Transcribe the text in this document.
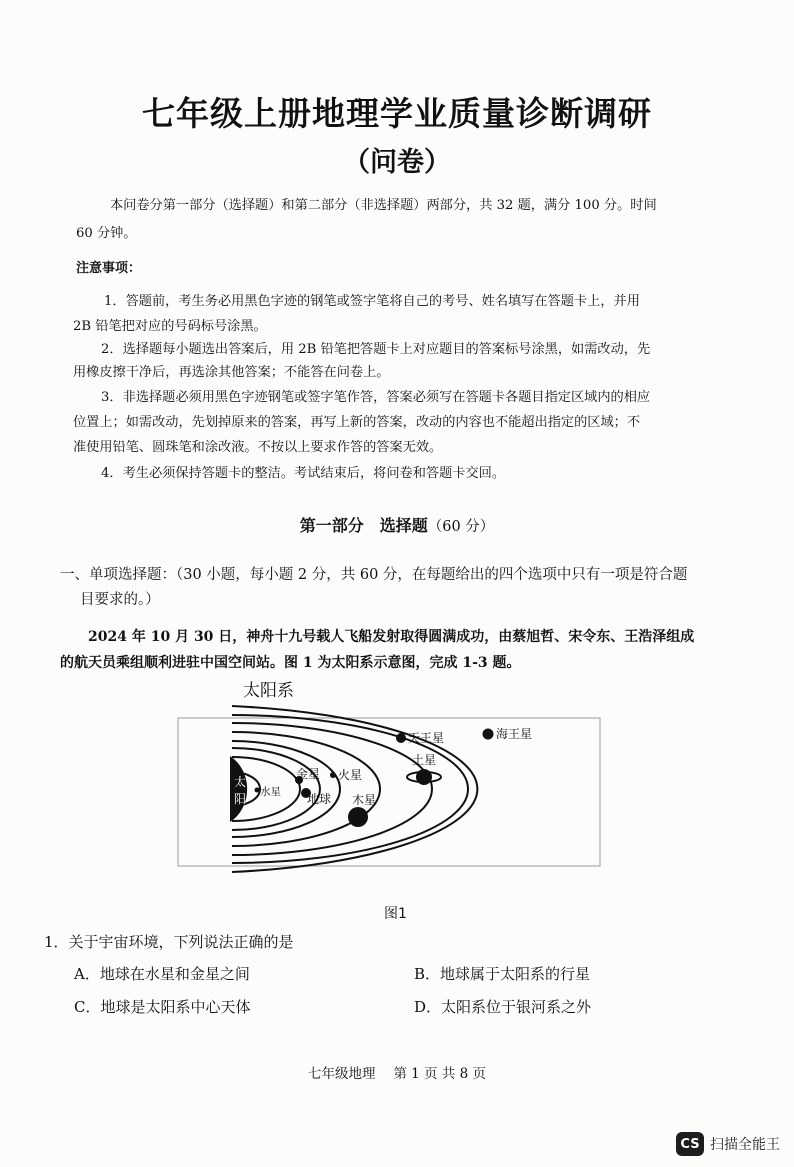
七年级上册地理学业质量诊断调研
（问卷）
本问卷分第一部分（选择题）和第二部分（非选择题）两部分，共 32 题，满分 100 分。时间
60 分钟。
注意事项：
1．答题前，考生务必用黑色字迹的钢笔或签字笔将自己的考号、姓名填写在答题卡上，并用
2B 铅笔把对应的号码标号涂黑。
2．选择题每小题选出答案后，用 2B 铅笔把答题卡上对应题目的答案标号涂黑，如需改动，先
用橡皮擦干净后，再选涂其他答案；不能答在问卷上。
3．非选择题必须用黑色字迹钢笔或签字笔作答，答案必须写在答题卡各题目指定区域内的相应
位置上；如需改动，先划掉原来的答案，再写上新的答案，改动的内容也不能超出指定的区域；不
准使用铅笔、圆珠笔和涂改液。不按以上要求作答的答案无效。
4．考生必须保持答题卡的整洁。考试结束后，将问卷和答题卡交回。
第一部分　选择题（60 分）
一、单项选择题：（30 小题，每小题 2 分，共 60 分，在每题给出的四个选项中只有一项是符合题
目要求的。）
2024 年 10 月 30 日，神舟十九号载人飞船发射取得圆满成功，由蔡旭哲、宋令东、王浩泽组成
的航天员乘组顺利进驻中国空间站。图 1 为太阳系示意图，完成 1-3 题。
太阳系
太
阳 水星
金星
地球
火星
木星
土星
天王星	海王星
图1
1．关于宇宙环境，下列说法正确的是
A．地球在水星和金星之间	B．地球属于太阳系的行星
C．地球是太阳系中心天体	D．太阳系位于银河系之外
七年级地理　 第 1 页 共 8 页
CS 扫描全能王
